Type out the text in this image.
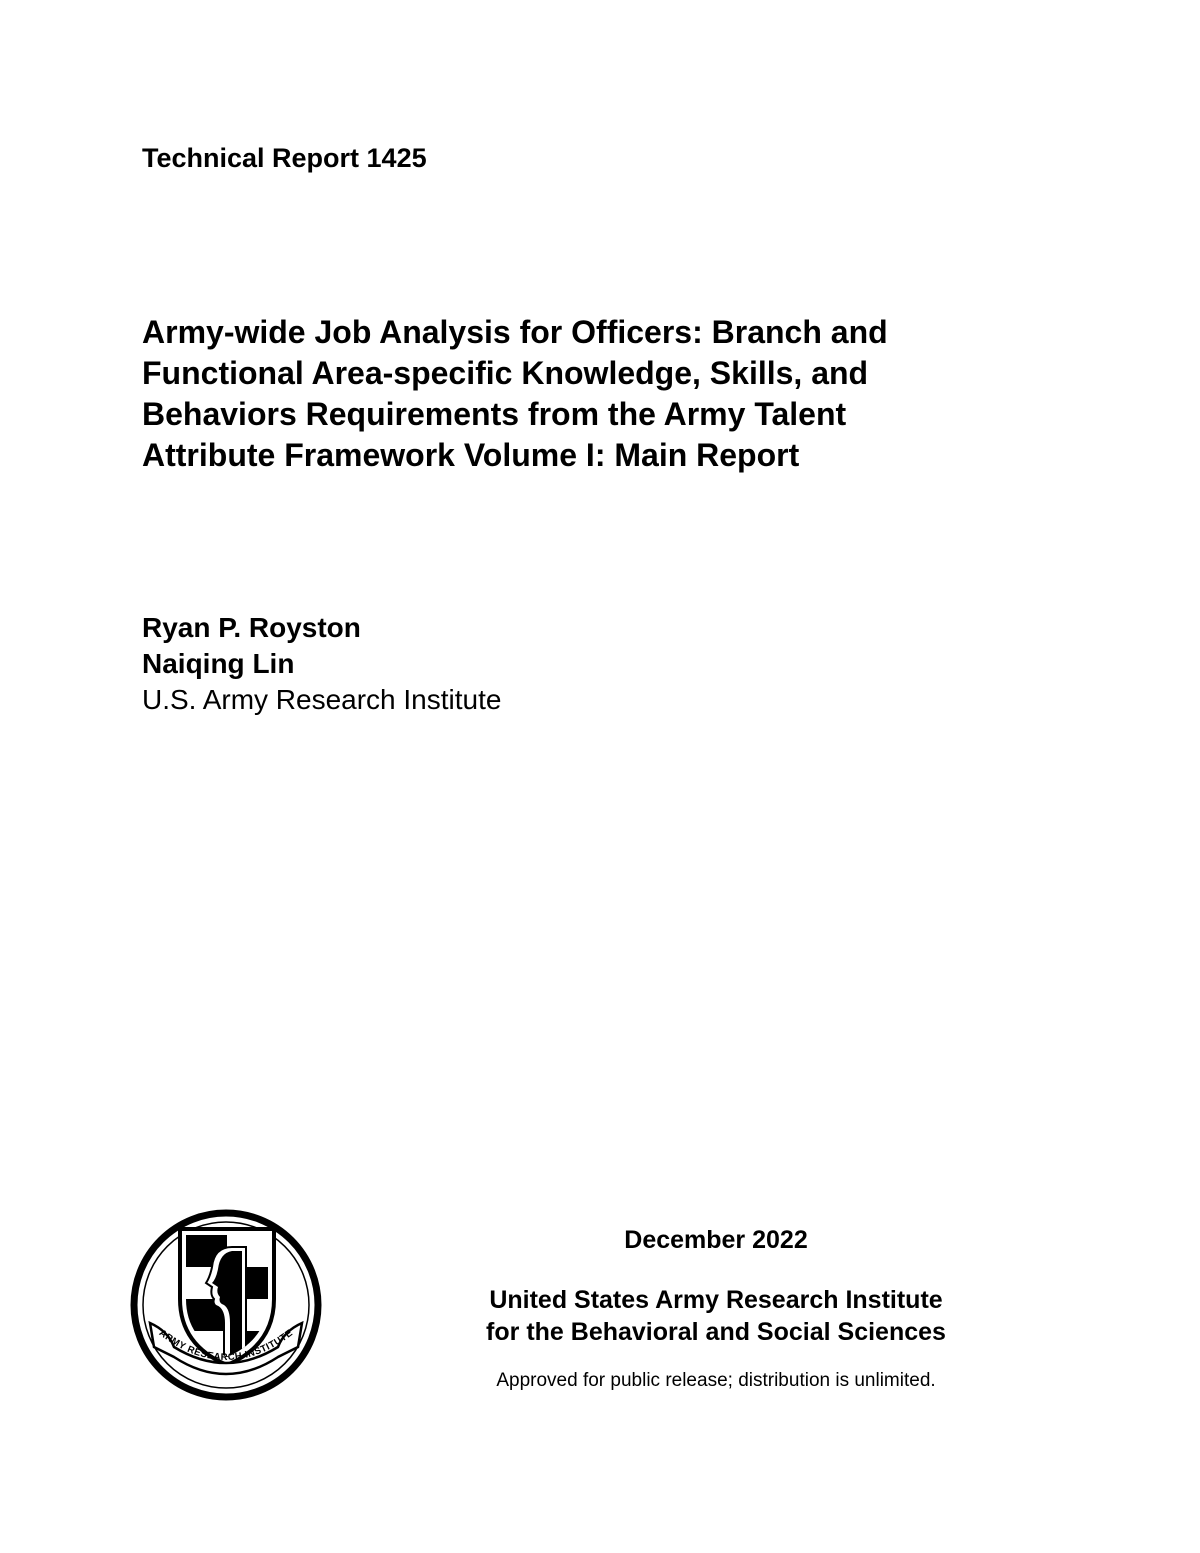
Technical Report 1425

Army-wide Job Analysis for Officers: Branch and
Functional Area-specific Knowledge, Skills, and
Behaviors Requirements from the Army Talent
Attribute Framework Volume I: Main Report
Ryan P. Royston
Naiqing Lin
U.S. Army Research Institute
ARMY RESEARCH INSTITUTE
December 2022
United States Army Research Institute
for the Behavioral and Social Sciences
Approved for public release; distribution is unlimited.
